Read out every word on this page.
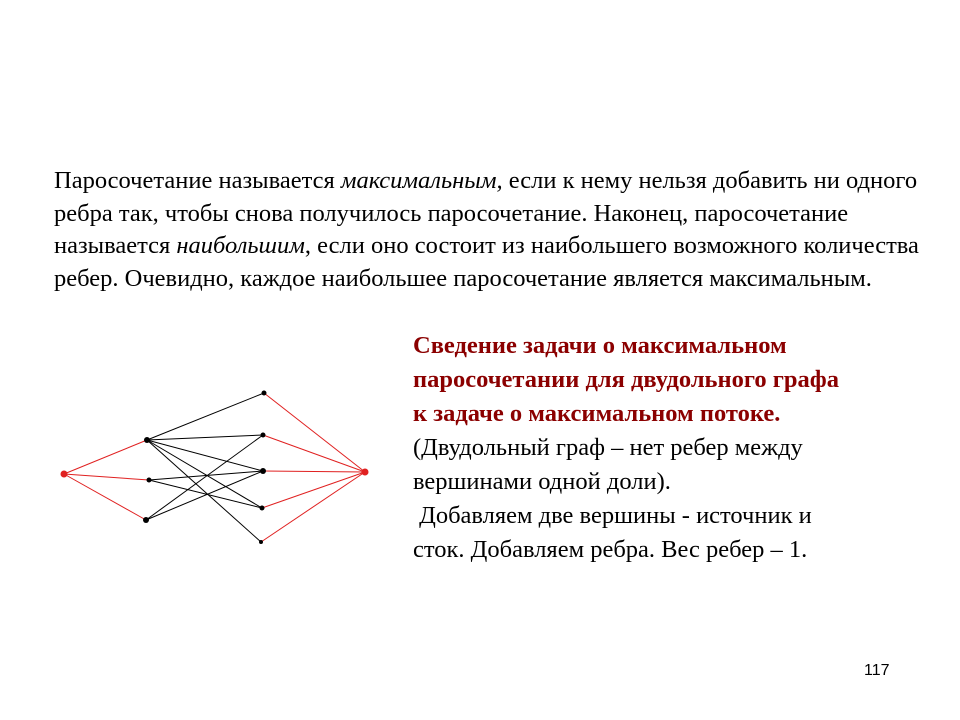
Паросочетание называется максимальным, если к нему нельзя добавить ни одного ребра так, чтобы снова получилось паросочетание. Наконец, паросочетание называется наибольшим, если оно состоит из наибольшего возможного количества ребер. Очевидно, каждое наибольшее паросочетание является максимальным.

Сведение задачи о максимальном
паросочетании для двудольного графа
к задаче о максимальном потоке.
(Двудольный граф – нет ребер между
вершинами одной доли).
Добавляем две вершины - источник и
сток. Добавляем ребра. Вес ребер – 1.
117
